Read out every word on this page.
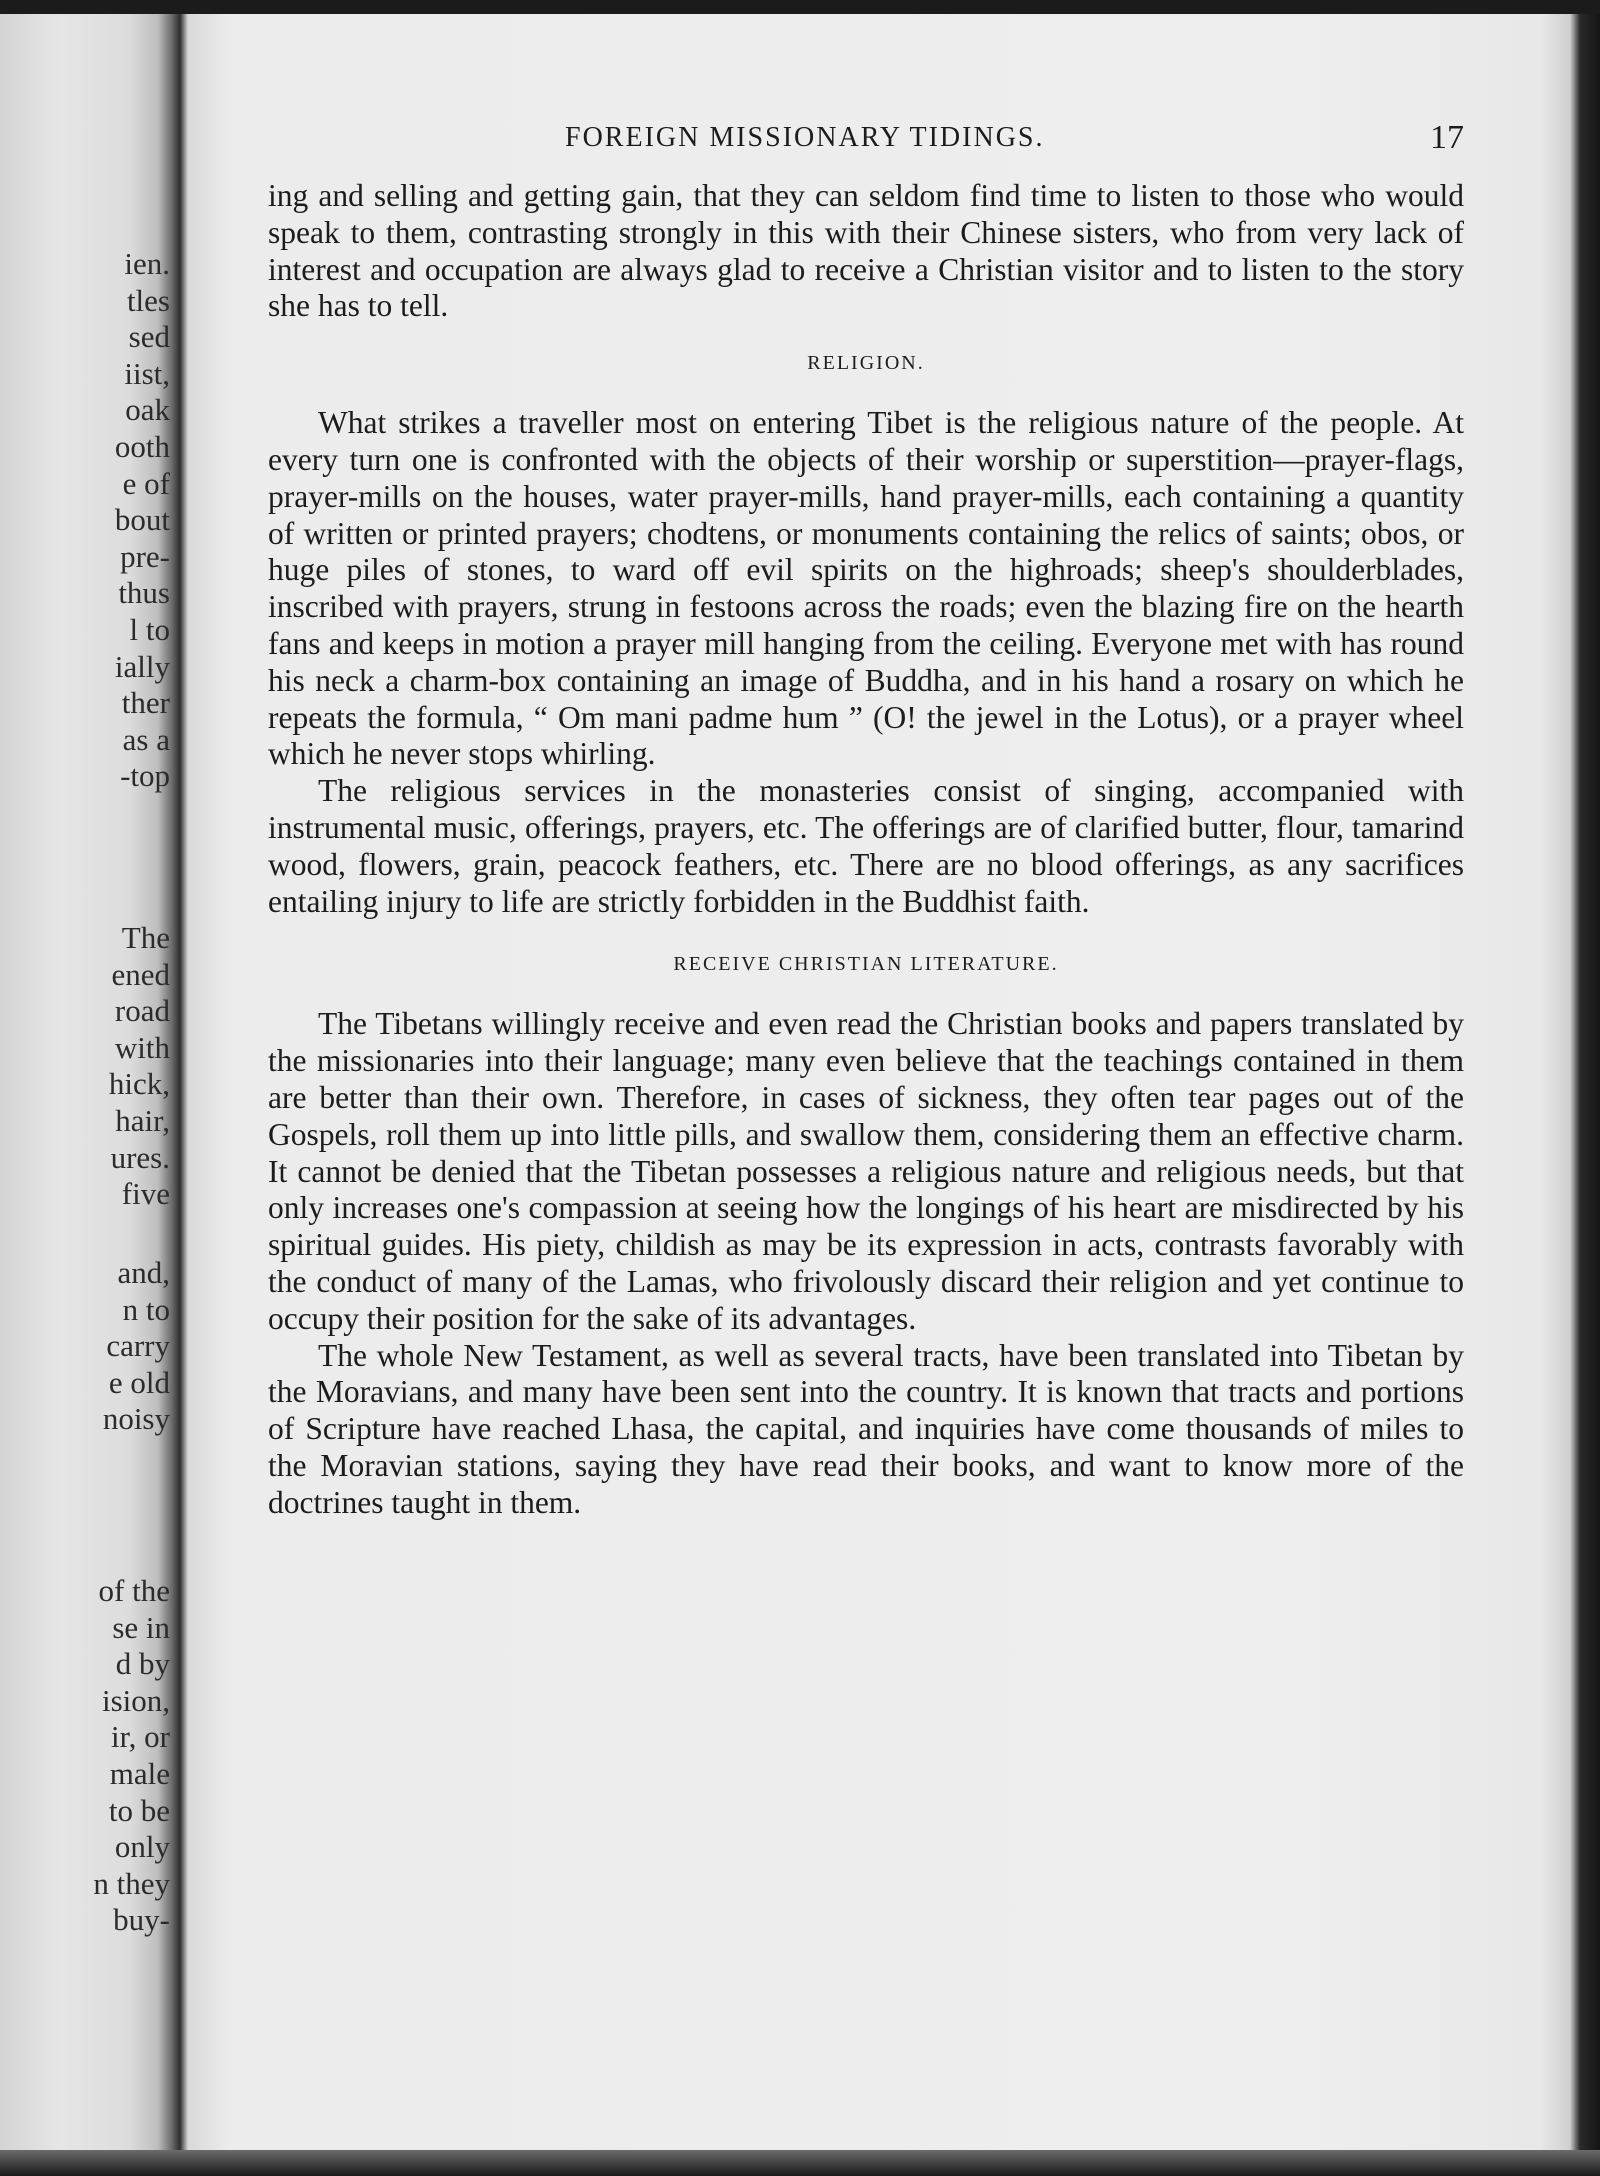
ien.
tles
sed
iist,
oak
ooth
e of
bout
pre-
thus
l to
ially
ther
as a
-top
The
ened
road
with
hick,
hair,
ures.
five
and,
n to
carry
e old
noisy
of the
se in
d by
ision,
ir, or
male
to be
only
n they
buy-
FOREIGN MISSIONARY TIDINGS.	17

ing and selling and getting gain, that they can seldom find time to listen to those who would speak to them, contrasting strongly in this with their Chinese sisters, who from very lack of interest and occupation are always glad to receive a Christian visitor and to listen to the story she has to tell.

RELIGION.

What strikes a traveller most on entering Tibet is the religious nature of the people. At every turn one is confronted with the objects of their worship or superstition—prayer-flags, prayer-mills on the houses, water prayer-mills, hand prayer-mills, each containing a quantity of written or printed prayers; chodtens, or monuments containing the relics of saints; obos, or huge piles of stones, to ward off evil spirits on the highroads; sheep's shoulderblades, inscribed with prayers, strung in festoons across the roads; even the blazing fire on the hearth fans and keeps in motion a prayer mill hanging from the ceiling. Everyone met with has round his neck a charm-box containing an image of Buddha, and in his hand a rosary on which he repeats the formula, “ Om mani padme hum ” (O! the jewel in the Lotus), or a prayer wheel which he never stops whirling.

The religious services in the monasteries consist of singing, accompanied with instrumental music, offerings, prayers, etc. The offerings are of clarified butter, flour, tamarind wood, flowers, grain, peacock feathers, etc. There are no blood offerings, as any sacrifices entailing injury to life are strictly forbidden in the Buddhist faith.

RECEIVE CHRISTIAN LITERATURE.

The Tibetans willingly receive and even read the Christian books and papers translated by the missionaries into their language; many even believe that the teachings contained in them are better than their own. Therefore, in cases of sickness, they often tear pages out of the Gospels, roll them up into little pills, and swallow them, considering them an effective charm. It cannot be denied that the Tibetan possesses a religious nature and religious needs, but that only increases one's compassion at seeing how the longings of his heart are misdirected by his spiritual guides. His piety, childish as may be its expression in acts, contrasts favorably with the conduct of many of the Lamas, who frivolously discard their religion and yet continue to occupy their position for the sake of its advantages.

The whole New Testament, as well as several tracts, have been translated into Tibetan by the Moravians, and many have been sent into the country. It is known that tracts and portions of Scripture have reached Lhasa, the capital, and inquiries have come thousands of miles to the Moravian stations, saying they have read their books, and want to know more of the doctrines taught in them.
